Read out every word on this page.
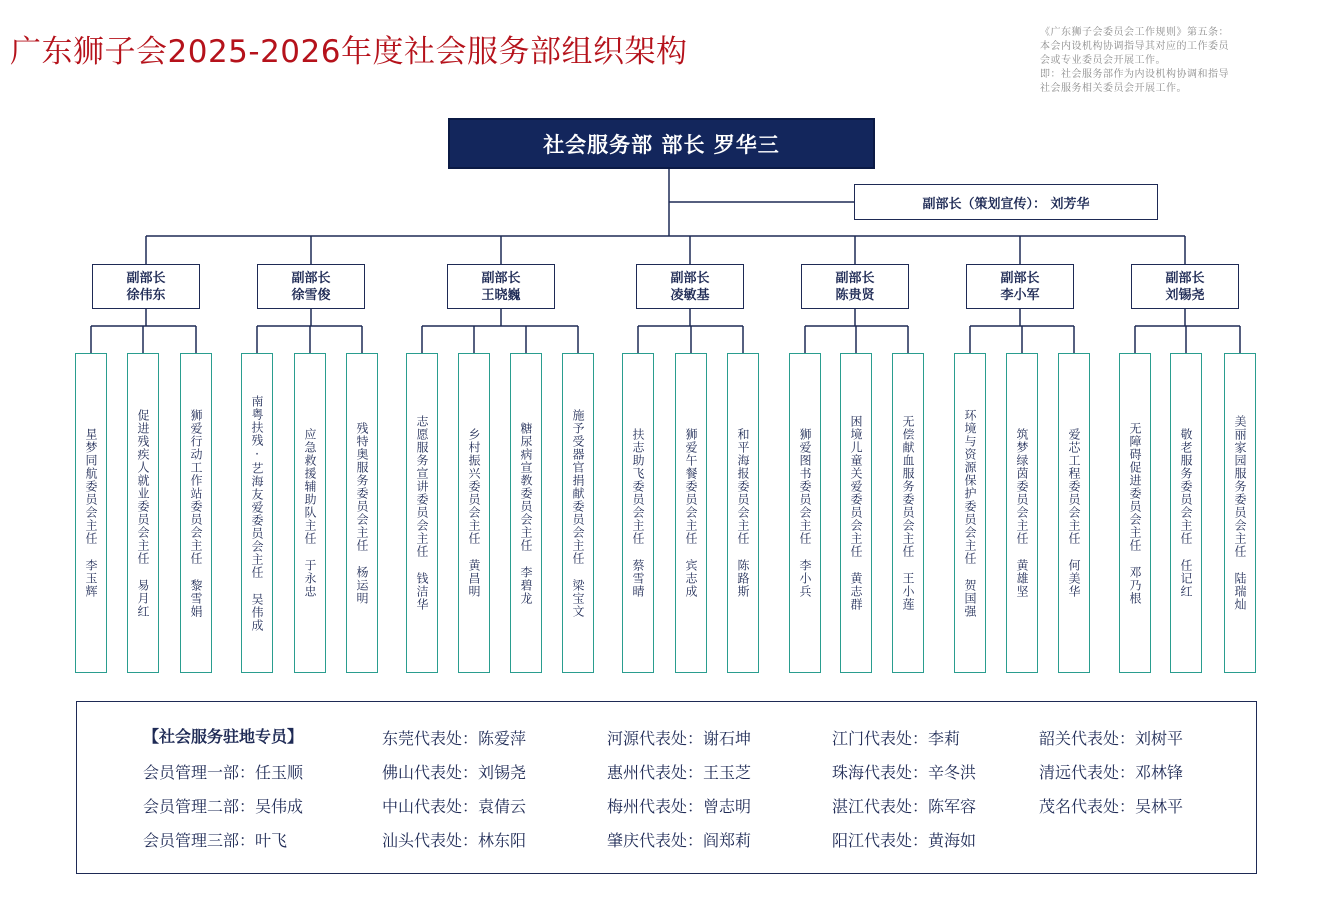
广东狮子会2025-2026年度社会服务部组织架构
《广东狮子会委员会工作规则》第五条：
本会内设机构协调指导其对应的工作委员
会或专业委员会开展工作。
即：社会服务部作为内设机构协调和指导
社会服务相关委员会开展工作。
社会服务部 部长 罗华三
副部长（策划宣传）： 刘芳华
副部长
徐伟东
星梦同航委员会主任
李玉辉
促进残疾人就业委员会主任
易月红
狮爱行动工作站委员会主任
黎雪娟
副部长
徐雪俊
南粤扶残·艺海友爱委员会主任
吴伟成
应急救援辅助队主任
于永忠
残特奥服务委员会主任
杨运明
副部长
王晓巍
志愿服务宣讲委员会主任
钱洁华
乡村振兴委员会主任
黄昌明
糖尿病宣教委员会主任
李碧龙
施予受器官捐献委员会主任
梁宝文
副部长
凌敏基
扶志助飞委员会主任
蔡雪晴
狮爱午餐委员会主任
宾志成
和平海报委员会主任
陈路斯
副部长
陈贵贤
狮爱图书委员会主任
李小兵
困境儿童关爱委员会主任
黄志群
无偿献血服务委员会主任
王小莲
副部长
李小军
环境与资源保护委员会主任
贺国强
筑梦绿茵委员会主任
黄雄坚
爱芯工程委员会主任
何美华
副部长
刘锡尧
无障碍促进委员会主任
邓乃根
敬老服务委员会主任
任记红
美丽家园服务委员会主任
陆瑞灿
【社会服务驻地专员】
会员管理一部：任玉顺
会员管理二部：吴伟成
会员管理三部：叶飞
东莞代表处：陈爱萍
佛山代表处：刘锡尧
中山代表处：袁倩云
汕头代表处：林东阳
河源代表处：谢石坤
惠州代表处：王玉芝
梅州代表处：曾志明
肇庆代表处：阎郑莉
江门代表处：李莉
珠海代表处：辛冬洪
湛江代表处：陈军容
阳江代表处：黄海如
韶关代表处：刘树平
清远代表处：邓林锋
茂名代表处：吴林平
